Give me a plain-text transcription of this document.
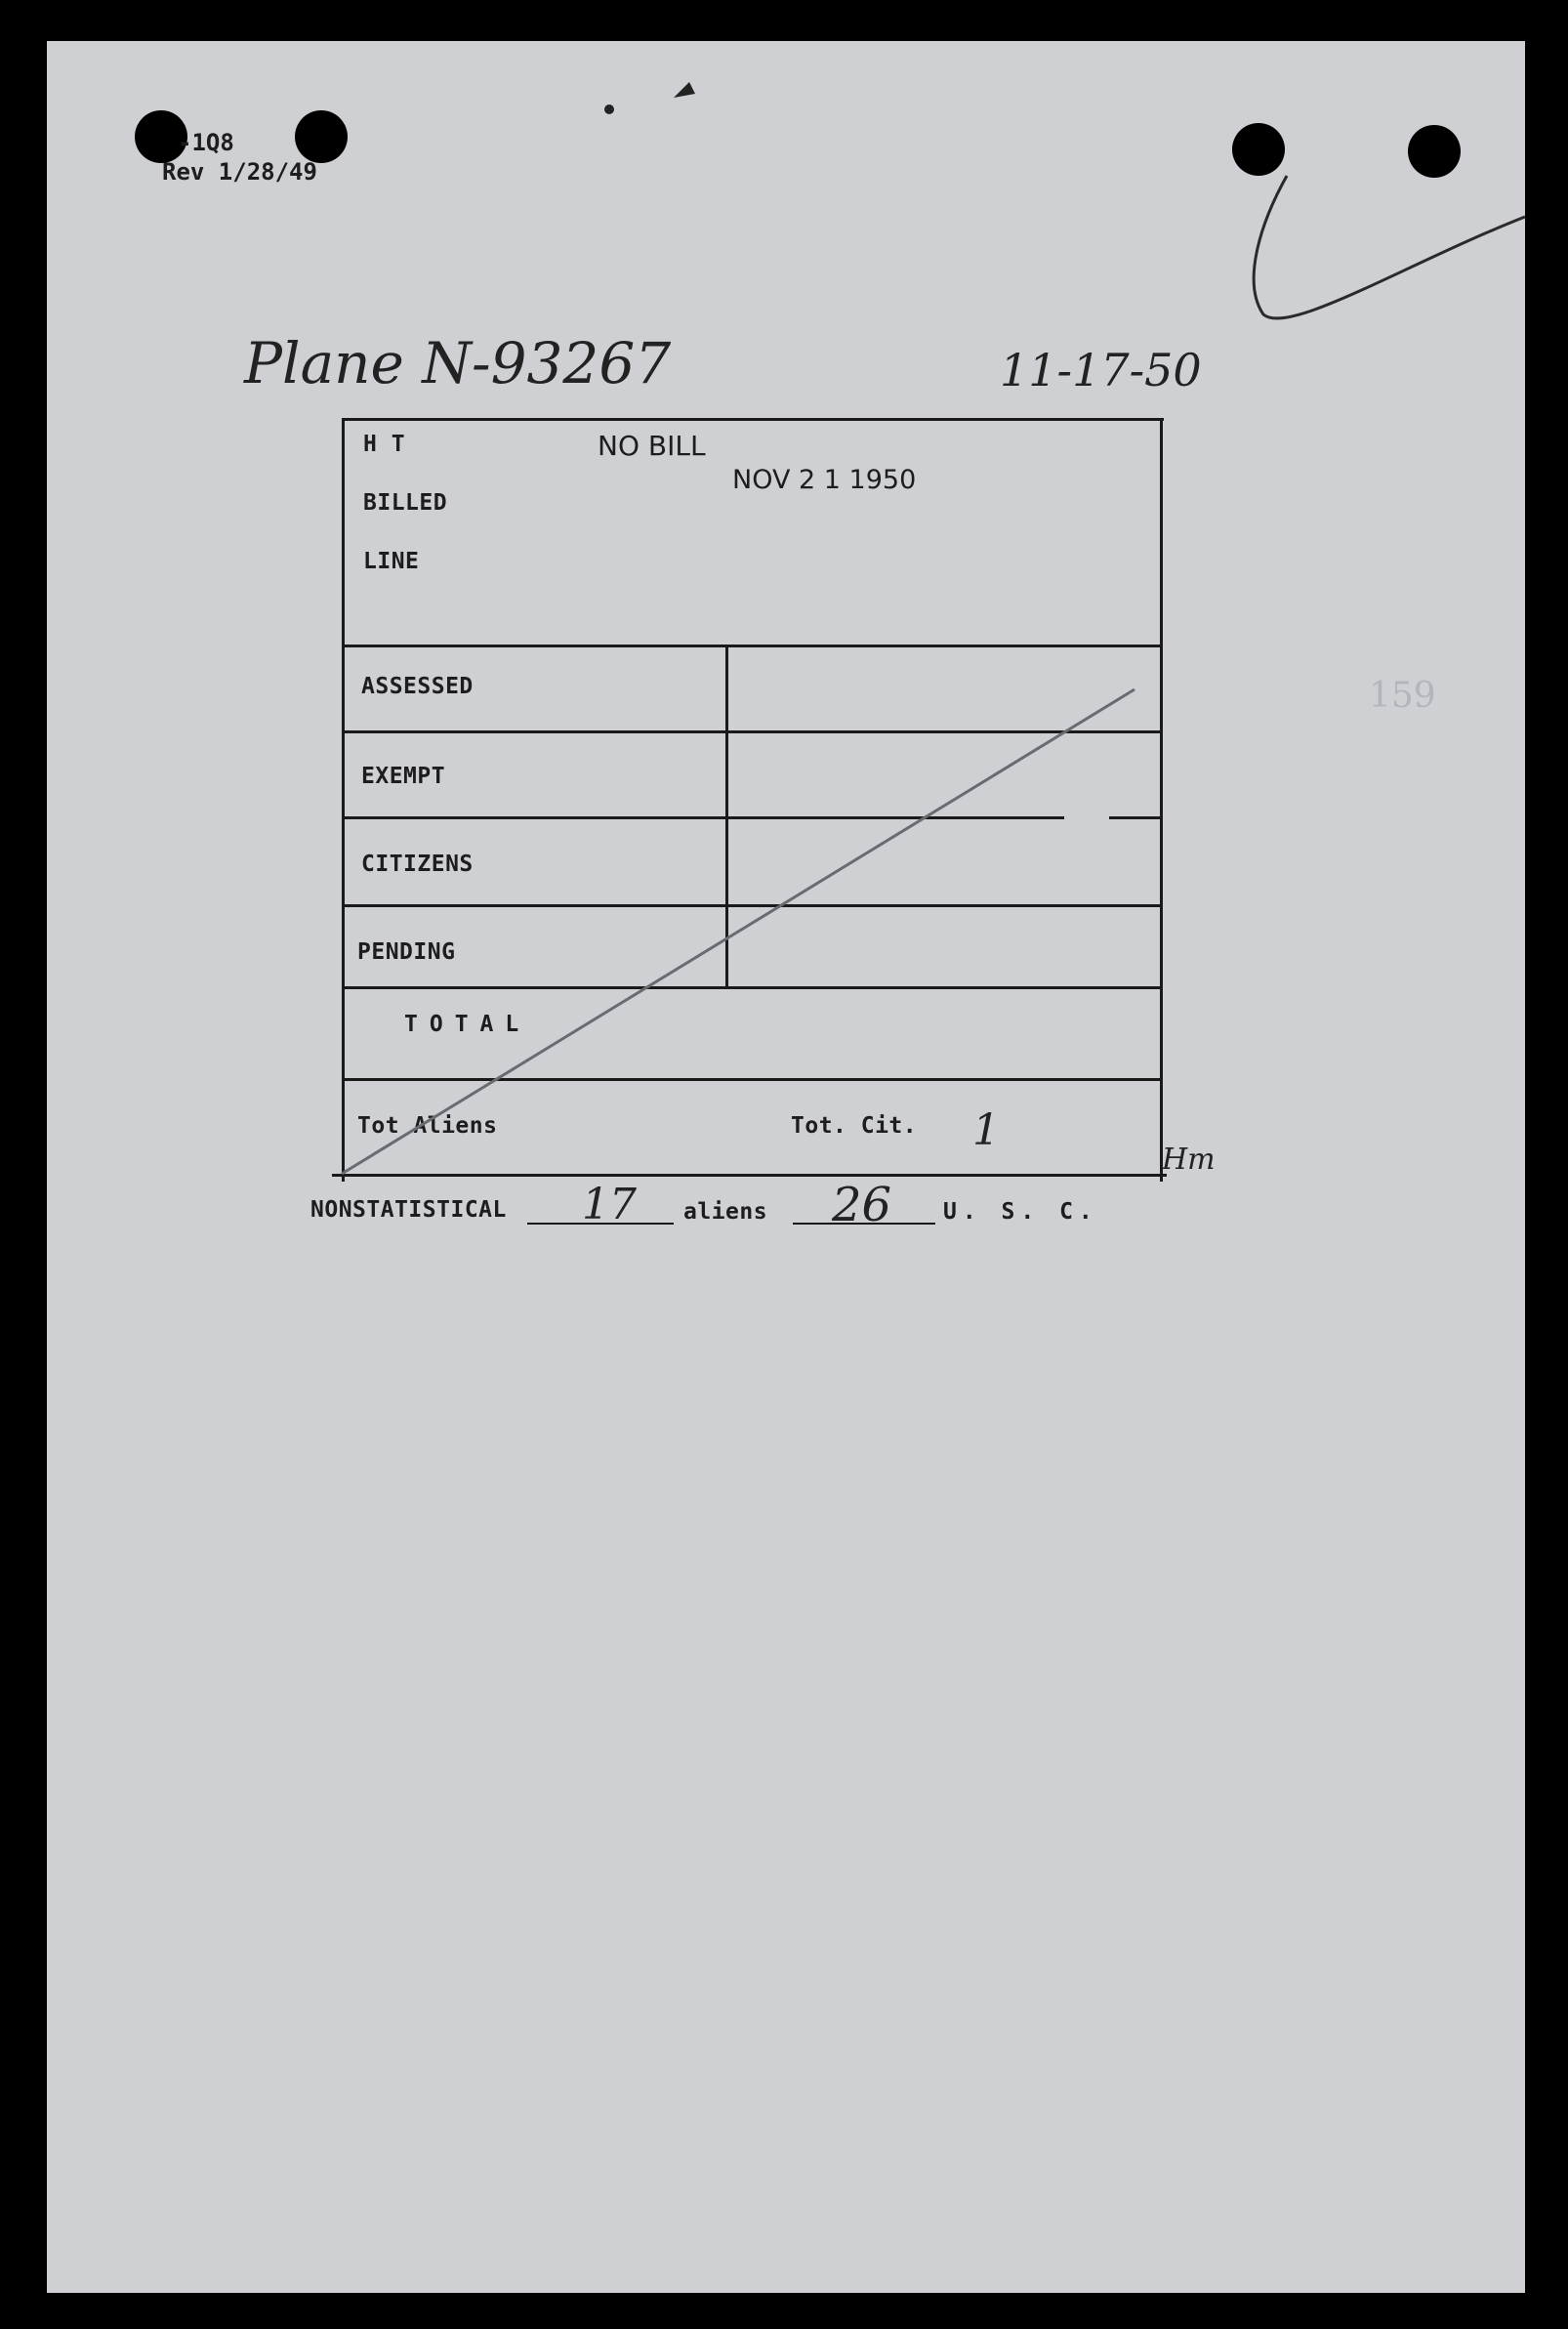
-1Q8
Rev 1/28/49
Plane N-93267	11-17-50
NO BILL
NOV 2 1 1950
159
H T
BILLED
LINE
ASSESSED
EXEMPT
CITIZENS
PENDING
TOTAL
Tot Aliens	Tot. Cit. 1
Hm
NONSTATISTICAL 17 aliens 26 U. S. C.
